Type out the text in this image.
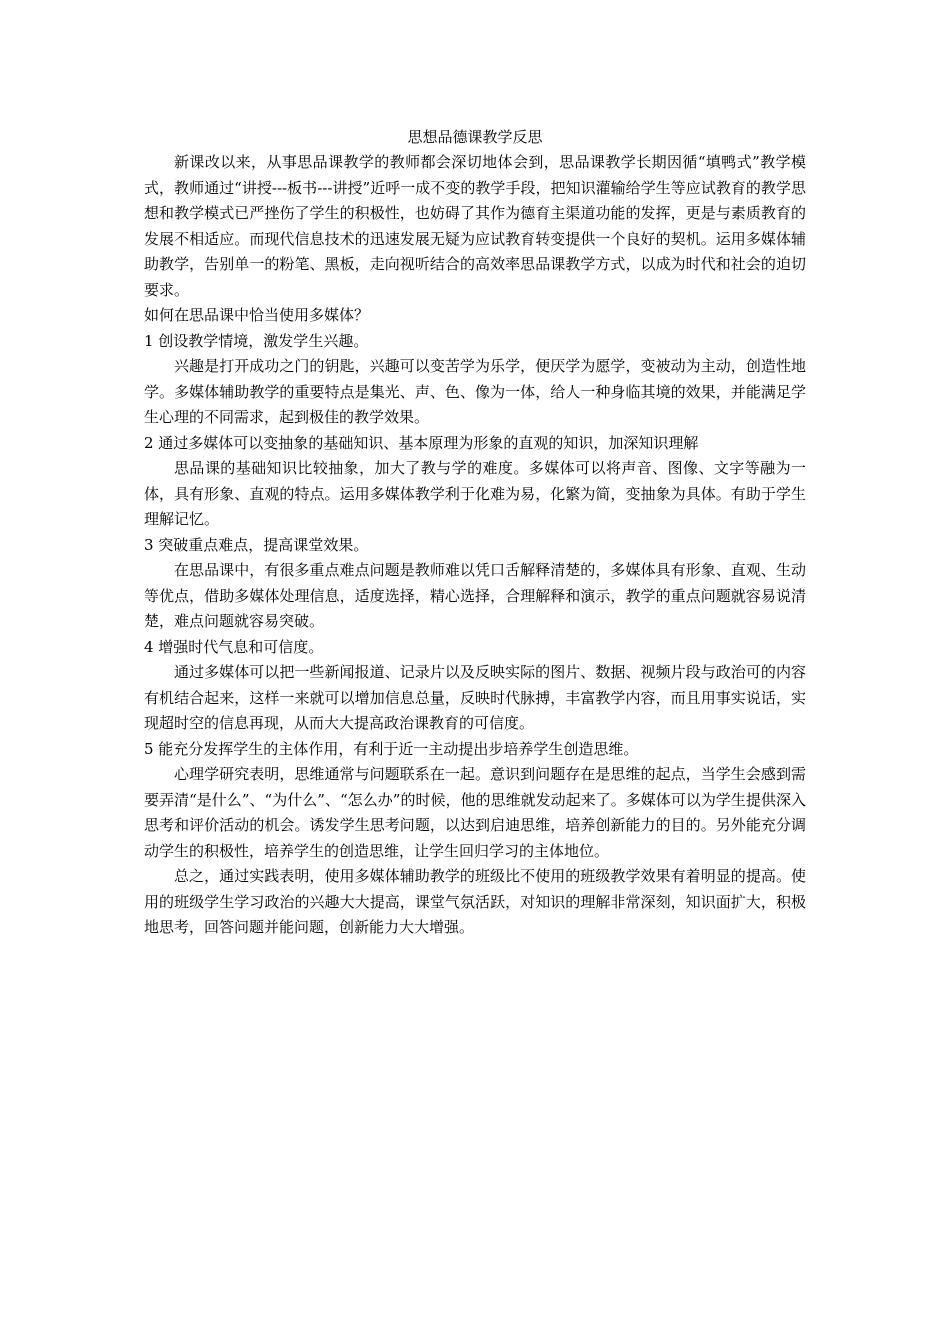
思想品德课教学反思

新课改以来，从事思品课教学的教师都会深切地体会到，思品课教学长期因循“填鸭式”教学模式，教师通过“讲授---板书---讲授”近呼一成不变的教学手段，把知识灌输给学生等应试教育的教学思想和教学模式已严挫伤了学生的积极性，也妨碍了其作为德育主渠道功能的发挥，更是与素质教育的发展不相适应。而现代信息技术的迅速发展无疑为应试教育转变提供一个良好的契机。运用多媒体辅助教学，告别单一的粉笔、黑板，走向视听结合的高效率思品课教学方式，以成为时代和社会的迫切要求。

如何在思品课中恰当使用多媒体？

1 创设教学情境，激发学生兴趣。

兴趣是打开成功之门的钥匙，兴趣可以变苦学为乐学，便厌学为愿学，变被动为主动，创造性地学。多媒体辅助教学的重要特点是集光、声、色、像为一体，给人一种身临其境的效果，并能满足学生心理的不同需求，起到极佳的教学效果。

2 通过多媒体可以变抽象的基础知识、基本原理为形象的直观的知识，加深知识理解

思品课的基础知识比较抽象，加大了教与学的难度。多媒体可以将声音、图像、文字等融为一体，具有形象、直观的特点。运用多媒体教学利于化难为易，化繁为简，变抽象为具体。有助于学生理解记忆。

3 突破重点难点，提高课堂效果。

在思品课中，有很多重点难点问题是教师难以凭口舌解释清楚的，多媒体具有形象、直观、生动等优点，借助多媒体处理信息，适度选择，精心选择，合理解释和演示，教学的重点问题就容易说清楚，难点问题就容易突破。

4 增强时代气息和可信度。

通过多媒体可以把一些新闻报道、记录片以及反映实际的图片、数据、视频片段与政治可的内容有机结合起来，这样一来就可以增加信息总量，反映时代脉搏，丰富教学内容，而且用事实说话，实现超时空的信息再现，从而大大提高政治课教育的可信度。

5 能充分发挥学生的主体作用，有利于近一主动提出步培养学生创造思维。

心理学研究表明，思维通常与问题联系在一起。意识到问题存在是思维的起点，当学生会感到需要弄清“是什么”、“为什么”、“怎么办”的时候，他的思维就发动起来了。多媒体可以为学生提供深入思考和评价活动的机会。诱发学生思考问题，以达到启迪思维，培养创新能力的目的。另外能充分调动学生的积极性，培养学生的创造思维，让学生回归学习的主体地位。

总之，通过实践表明，使用多媒体辅助教学的班级比不使用的班级教学效果有着明显的提高。使用的班级学生学习政治的兴趣大大提高，课堂气氛活跃，对知识的理解非常深刻，知识面扩大，积极地思考，回答问题并能问题，创新能力大大增强。
